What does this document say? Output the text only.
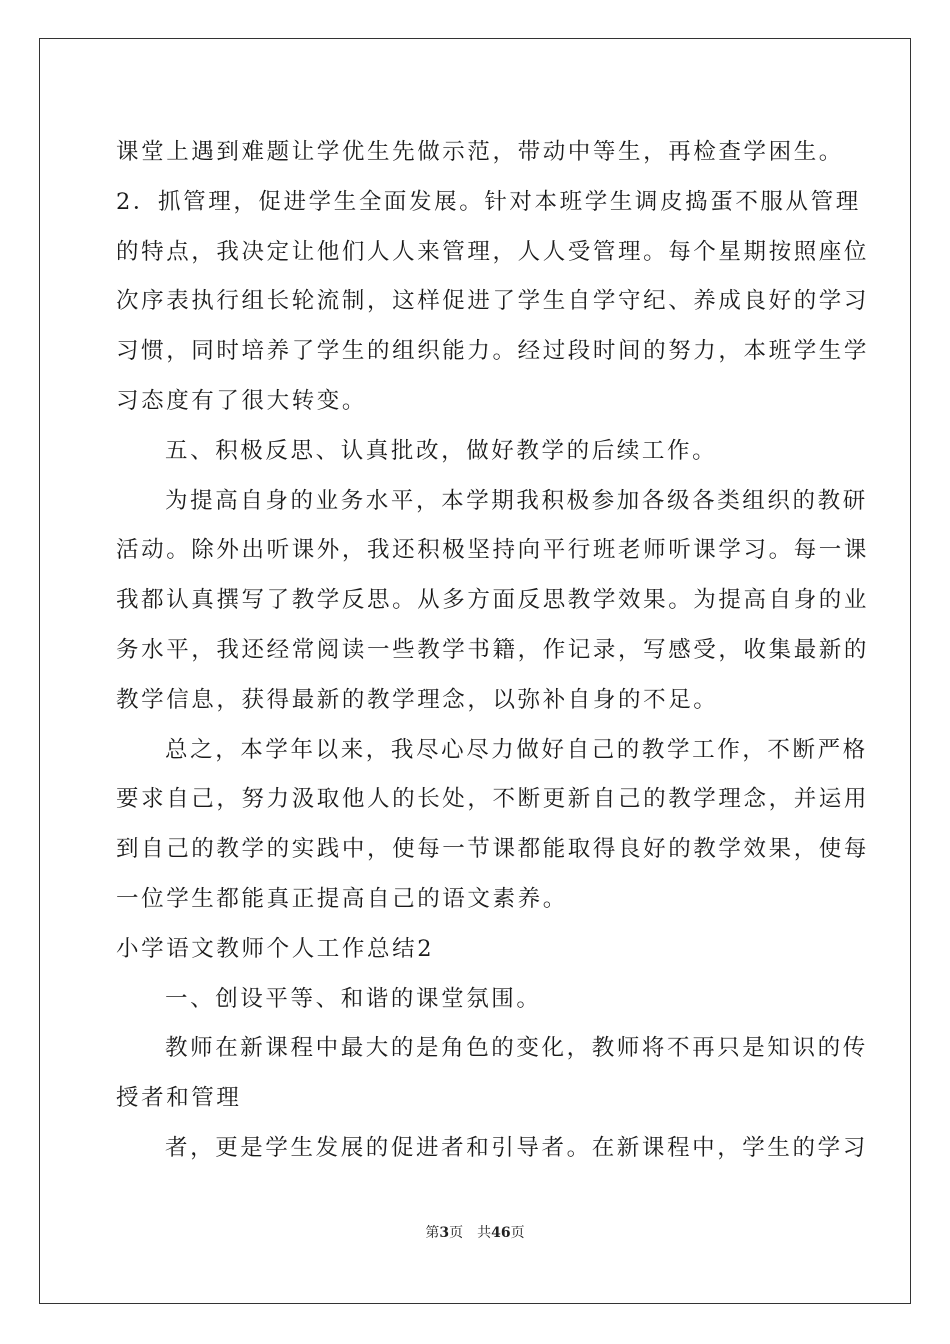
课堂上遇到难题让学优生先做示范，带动中等生，再检查学困生。
2．抓管理，促进学生全面发展。针对本班学生调皮捣蛋不服从管理
的特点，我决定让他们人人来管理，人人受管理。每个星期按照座位
次序表执行组长轮流制，这样促进了学生自学守纪、养成良好的学习
习惯，同时培养了学生的组织能力。经过段时间的努力，本班学生学
习态度有了很大转变。
五、积极反思、认真批改，做好教学的后续工作。
为提高自身的业务水平，本学期我积极参加各级各类组织的教研
活动。除外出听课外，我还积极坚持向平行班老师听课学习。每一课
我都认真撰写了教学反思。从多方面反思教学效果。为提高自身的业
务水平，我还经常阅读一些教学书籍，作记录，写感受，收集最新的
教学信息，获得最新的教学理念，以弥补自身的不足。
总之，本学年以来，我尽心尽力做好自己的教学工作，不断严格
要求自己，努力汲取他人的长处，不断更新自己的教学理念，并运用
到自己的教学的实践中，使每一节课都能取得良好的教学效果，使每
一位学生都能真正提高自己的语文素养。
小学语文教师个人工作总结2
一、创设平等、和谐的课堂氛围。
教师在新课程中最大的是角色的变化，教师将不再只是知识的传
授者和管理
者，更是学生发展的促进者和引导者。在新课程中，学生的学习
第3页 共46页
